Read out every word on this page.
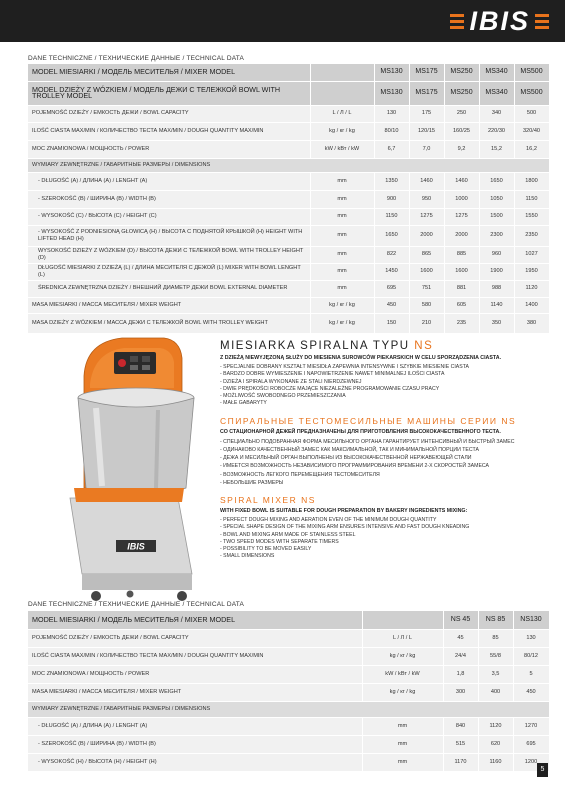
IBIS
DANE TECHNICZNE / ТЕХНИЧЕСКИЕ ДАННЫЕ / TECHNICAL DATA
MODEL MIESIARKI / МОДЕЛЬ МЕСИТЕЛЬЯ / MIXER MODEL		MS130	MS175	MS250	MS340	MS500
MODEL DZIEŻY Z WÓZKIEM / МОДЕЛЬ ДЕЖИ С ТЕЛЕЖКОЙ BOWL WITH TROLLEY MODEL		MS130	MS175	MS250	MS340	MS500
POJEMNOŚĆ DZIEŻY / ЕМКОСТЬ ДЕЖИ / BOWL CAPACITY	L / Л / L	130	175	250	340	500
ILOŚĆ CIASTA MAX/MIN / КОЛИЧЕСТВО ТЕСТА MAX/MIN / DOUGH QUANTITY MAX/MIN	kg / кг / kg	80/10	120/15	160/25	220/30	320/40
MOC ZNAMIONOWA / МОЩНОСТЬ / POWER	kW / kВт / kW	6,7	7,0	9,2	15,2	16,2
WYMIARY ZEWNĘTRZNE / ГАБАРИТНЫЕ РАЗМЕРЫ / DIMENSIONS						
- DŁUGOŚĆ (A) / ДЛИНА (A) / LENGHT (A)	mm	1350	1460	1460	1650	1800
- SZEROKOŚĆ (B) / ШИРИНА (B) / WIDTH (B)	mm	900	950	1000	1050	1150
- WYSOKOŚĆ (C) / ВЫСОТА (C) / HEIGHT (C)	mm	1150	1275	1275	1500	1550
- WYSOKOŚĆ Z PODNIESIONĄ GŁOWICĄ (H) / ВЫСОТА С ПОДНЯТОЙ КРЫШКОЙ (H) HEIGHT WITH LIFTED HEAD (H)	mm	1650	2000	2000	2300	2350
WYSOKOŚĆ DZIEŻY Z WÓZKIEM (D) / ВЫСОТА ДЕЖИ С ТЕЛЕЖКОЙ BOWL WITH TROLLEY HEIGHT (D)	mm	822	865	885	960	1027
DŁUGOŚĆ MIESIARKI Z DZIEŻĄ (L) / ДЛИНА МЕСИТЕЛЯ С ДЕЖОЙ (L) MIXER WITH BOWL LENGHT (L)	mm	1450	1600	1600	1900	1950
ŚREDNICA ZEWNĘTRZNA DZIEŻY / ВНЕШНИЙ ДИАМЕТР ДЕЖИ BOWL EXTERNAL DIAMETER	mm	695	751	881	988	1120
MASA MIESIARKI / МАССА МЕСИТЕЛЯ / MIXER WEIGHT	kg / кг / kg	450	580	605	1140	1400
MASA DZIEŻY Z WÓZKIEM / МАССА ДЕЖИ С ТЕЛЕЖКОЙ BOWL WITH TROLLEY WEIGHT	kg / кг / kg	150	210	235	350	380
IBIS
MIESIARKA SPIRALNA TYPU NS
Z DZIEŻĄ NIEWYJĘZONĄ SŁUŻY DO MIESIENIA SUROWCÓW PIEKARSKICH W CELU SPORZĄDZENIA CIASTA.
- SPECJALNIE DOBRANY KSZTAŁT MIESIDŁA ZAPEWNIA INTENSYWNE I SZYBKIE MIESIENIE CIASTA
- BARDZO DOBRE WYMIESZENIE I NAPOWIETRZENIE NAWET MINIMALNEJ ILOŚCI CIASTA
- DZIEŻA I SPIRALA WYKONANE ZE STALI NIERDZEWNEJ
- DWIE PRĘDKOŚCI ROBOCZE MAJĄCE NIEZALEŻNE PROGRAMOWANIE CZASU PRACY
- MOŻLIWOŚĆ SWOBODNEGO PRZEMIESZCZANIA
- MAŁE GABARYTY
СПИРАЛЬНЫЕ ТЕСТОМЕСИЛЬНЫЕ МАШИНЫ СЕРИИ NS
СО СТАЦИОНАРНОЙ ДЕЖЕЙ ПРЕДНАЗНАЧЕНЫ ДЛЯ ПРИГОТОВЛЕНИЯ ВЫСОКОКАЧЕСТВЕННОГО ТЕСТА.
- СПЕЦИАЛЬНО ПОДОБРАННАЯ ФОРМА МЕСИЛЬНОГО ОРГАНА ГАРАНТИРУЕТ ИНТЕНСИВНЫЙ И БЫСТРЫЙ ЗАМЕС
- ОДИНАКОВО КАЧЕСТВЕННЫЙ ЗАМЕС КАК МАКСИМАЛЬНОЙ, ТАК И МИНИМАЛЬНОЙ ПОРЦИИ ТЕСТА
- ДЕЖА И МЕСИЛЬНЫЙ ОРГАН ВЫПОЛНЕНЫ ИЗ ВЫСОКОКАЧЕСТВЕННОЙ НЕРЖАВЕЮЩЕЙ СТАЛИ
- ИМЕЕТСЯ ВОЗМОЖНОСТЬ НЕЗАВИСИМОГО ПРОГРАММИРОВАНИЯ ВРЕМЕНИ 2-Х СКОРОСТЕЙ ЗАМЕСА
- ВОЗМОЖНОСТЬ ЛЕГКОГО ПЕРЕМЕЩЕНИЯ ТЕСТОМЕСИТЕЛЯ
- НЕБОЛЬШИЕ РАЗМЕРЫ
SPIRAL MIXER NS
WITH FIXED BOWL IS SUITABLE FOR DOUGH PREPARATION BY BAKERY INGREDIENTS MIXING:
- PERFECT DOUGH MIXING AND AERATION EVEN OF THE MINIMUM DOUGH QUANTITY
- SPECIAL SHAPE DESIGN OF THE MIXING ARM ENSURES INTENSIVE AND FAST DOUGH KNEADING
- BOWL AND MIXING ARM MADE OF STAINLESS STEEL
- TWO SPEED MODES WITH SEPARATE TIMERS
- POSSIBILITY TO BE MOVED EASILY
- SMALL DIMENSIONS
DANE TECHNICZNE / ТЕХНИЧЕСКИЕ ДАННЫЕ / TECHNICAL DATA
MODEL MIESIARKI / МОДЕЛЬ МЕСИТЕЛЬЯ / MIXER MODEL		NS 45	NS 85	NS130
POJEMNOŚĆ DZIEŻY / ЕМКОСТЬ ДЕЖИ / BOWL CAPACITY	L / Л / L	45	85	130
ILOŚĆ CIASTA MAX/MIN / КОЛИЧЕСТВО ТЕСТА MAX/MIN / DOUGH QUANTITY MAX/MIN	kg / кг / kg	24/4	55/8	80/12
MOC ZNAMIONOWA / МОЩНОСТЬ / POWER	kW / kВт / kW	1,8	3,5	5
MASA MIESIARKI / МАССА МЕСИТЕЛЯ / MIXER WEIGHT	kg / кг / kg	300	400	450
WYMIARY ZEWNĘTRZNE / ГАБАРИТНЫЕ РАЗМЕРЫ / DIMENSIONS				
- DŁUGOŚĆ (A) / ДЛИНА (A) / LENGHT (A)	mm	840	1120	1270
- SZEROKOŚĆ (B) / ШИРИНА (B) / WIDTH (B)	mm	515	620	695
- WYSOKOŚĆ (H) / ВЫСОТА (H) / HEIGHT (H)	mm	1170	1160	1200
5
